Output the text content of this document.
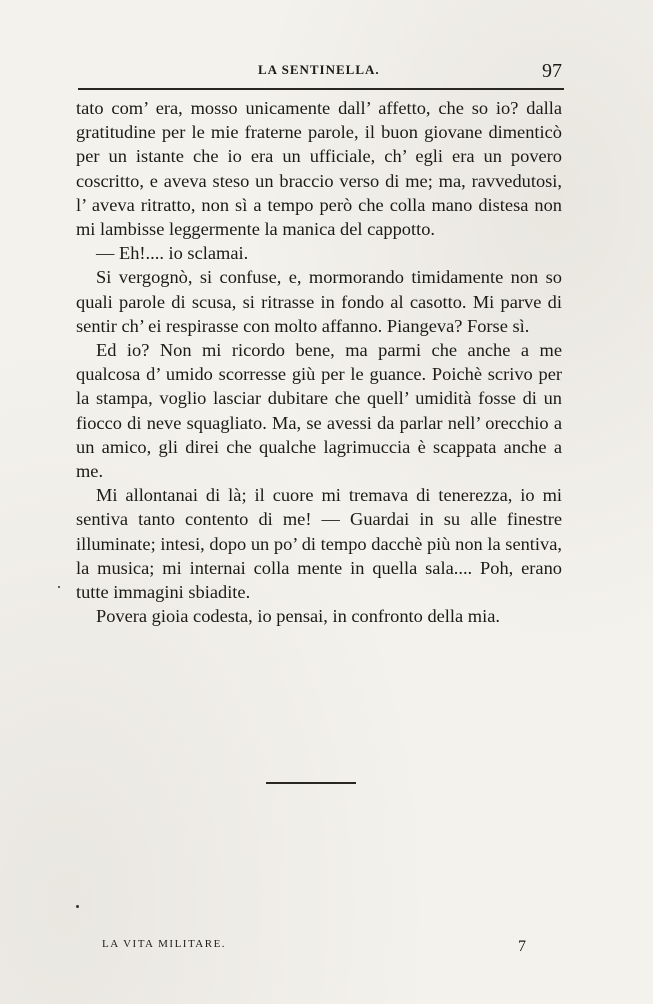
LA SENTINELLA.	97

tato com’ era, mosso unicamente dall’ affetto, che so io? dalla gratitudine per le mie fraterne parole, il buon giovane dimenticò per un istante che io era un ufficiale, ch’ egli era un povero coscritto, e aveva steso un braccio verso di me; ma, ravvedutosi, l’ aveva ritratto, non sì a tempo però che colla mano distesa non mi lambisse leggermente la manica del cappotto.

— Eh!.... io sclamai.

Si vergognò, si confuse, e, mormorando timidamente non so quali parole di scusa, si ritrasse in fondo al casotto. Mi parve di sentir ch’ ei respirasse con molto affanno. Piangeva? Forse sì.

Ed io? Non mi ricordo bene, ma parmi che anche a me qualcosa d’ umido scorresse giù per le guance. Poichè scrivo per la stampa, voglio lasciar dubitare che quell’ umidità fosse di un fiocco di neve squagliato. Ma, se avessi da parlar nell’ orecchio a un amico, gli direi che qualche lagrimuccia è scappata anche a me.

Mi allontanai di là; il cuore mi tremava di tenerezza, io mi sentiva tanto contento di me! — Guardai in su alle finestre illuminate; intesi, dopo un po’ di tempo dacchè più non la sentiva, la musica; mi internai colla mente in quella sala.... Poh, erano tutte immagini sbiadite.

Povera gioia codesta, io pensai, in confronto della mia.

LA VITA MILITARE.	7
